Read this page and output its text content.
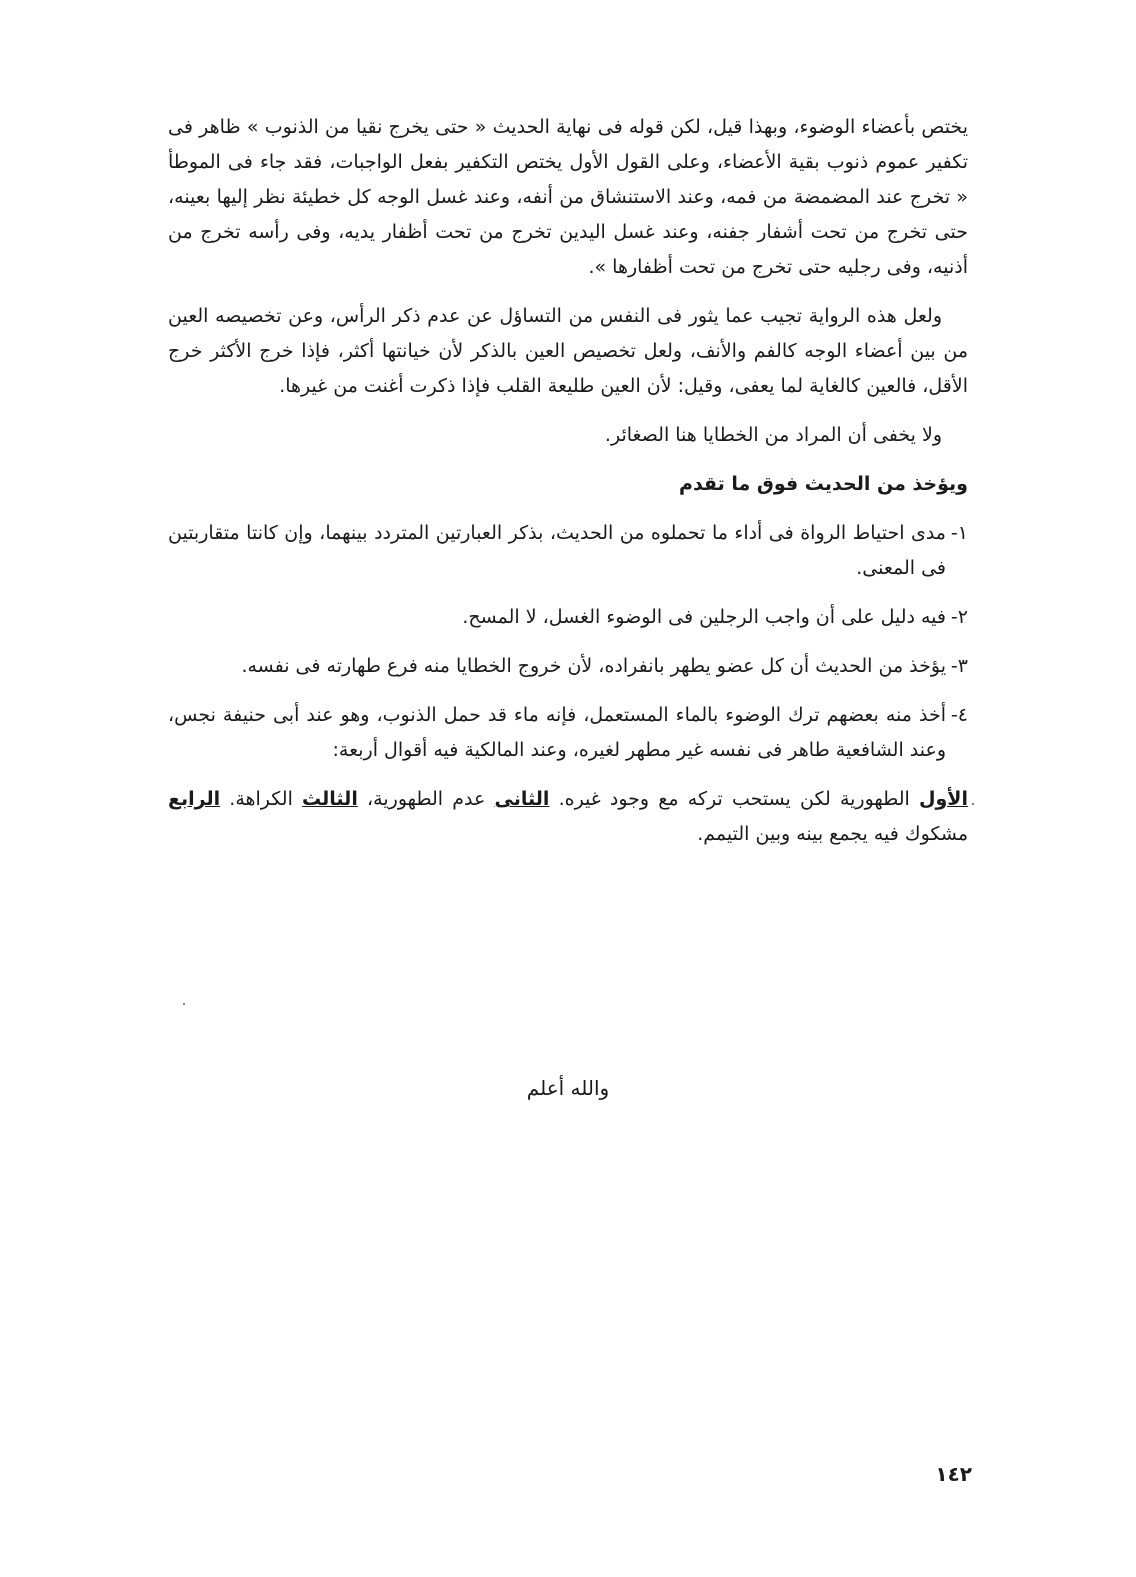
يختص بأعضاء الوضوء، وبهذا قيل، لكن قوله فى نهاية الحديث « حتى يخرج نقيا من الذنوب » ظاهر فى تكفير عموم ذنوب بقية الأعضاء، وعلى القول الأول يختص التكفير بفعل الواجبات، فقد جاء فى الموطأ « تخرج عند المضمضة من فمه، وعند الاستنشاق من أنفه، وعند غسل الوجه كل خطيئة نظر إليها بعينه، حتى تخرج من تحت أشفار جفنه، وعند غسل اليدين تخرج من تحت أظفار يديه، وفى رأسه تخرج من أذنيه، وفى رجليه حتى تخرج من تحت أظفارها ».

ولعل هذه الرواية تجيب عما يثور فى النفس من التساؤل عن عدم ذكر الرأس، وعن تخصيصه العين من بين أعضاء الوجه كالفم والأنف، ولعل تخصيص العين بالذكر لأن خيانتها أكثر، فإذا خرج الأكثر خرج الأقل، فالعين كالغاية لما يعفى، وقيل: لأن العين طليعة القلب فإذا ذكرت أغنت من غيرها.

ولا يخفى أن المراد من الخطايا هنا الصغائر.

ويؤخذ من الحديث فوق ما تقدم

١-مدى احتياط الرواة فى أداء ما تحملوه من الحديث، بذكر العبارتين المتردد بينهما، وإن كانتا متقاربتين فى المعنى.

٢-فيه دليل على أن واجب الرجلين فى الوضوء الغسل، لا المسح.

٣-يؤخذ من الحديث أن كل عضو يطهر بانفراده، لأن خروج الخطايا منه فرع طهارته فى نفسه.

٤-أخذ منه بعضهم ترك الوضوء بالماء المستعمل، فإنه ماء قد حمل الذنوب، وهو عند أبى حنيفة نجس، وعند الشافعية طاهر فى نفسه غير مطهر لغيره، وعند المالكية فيه أقوال أربعة:

الأول الطهورية لكن يستحب تركه مع وجود غيره. الثانى عدم الطهورية، الثالث الكراهة. الرابع مشكوك فيه يجمع بينه وبين التيمم.

والله أعلم
١٤٢
